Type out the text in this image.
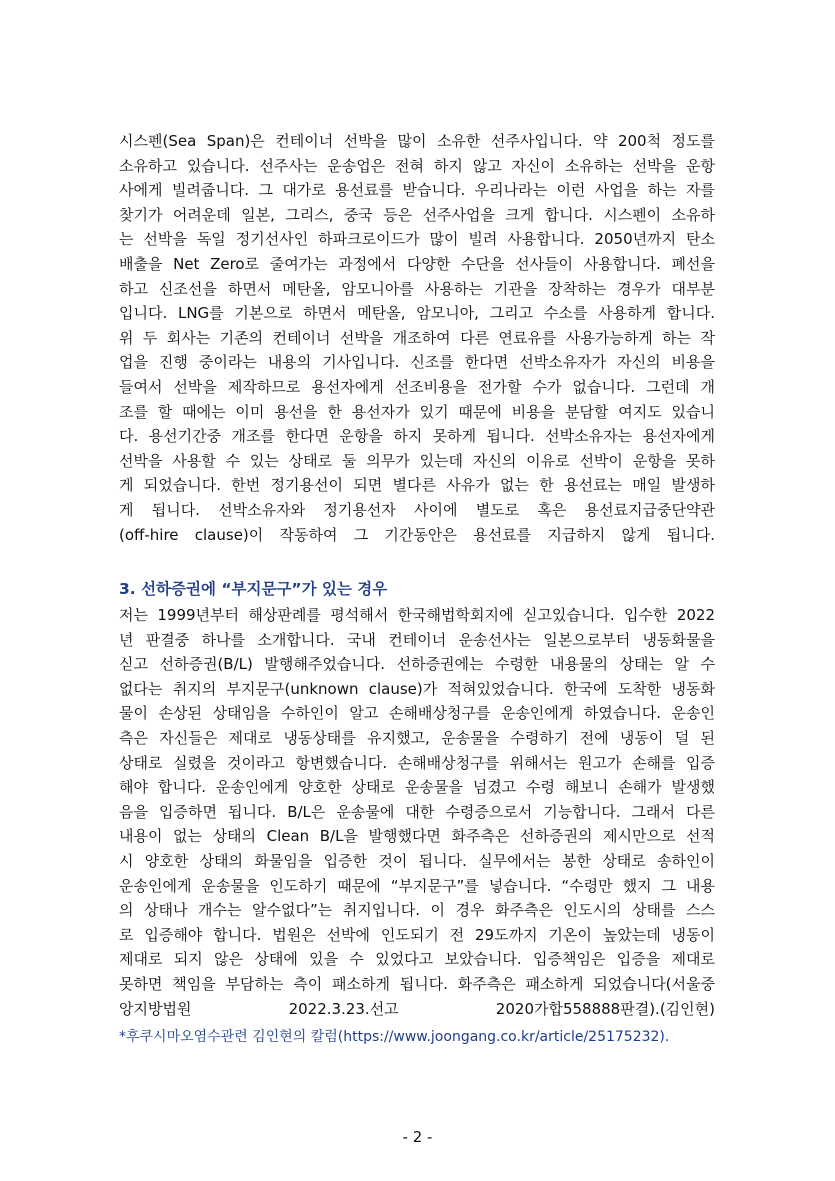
시스펜(Sea Span)은 컨테이너 선박을 많이 소유한 선주사입니다. 약 200척 정도를
소유하고 있습니다. 선주사는 운송업은 전혀 하지 않고 자신이 소유하는 선박을 운항
사에게 빌려줍니다. 그 대가로 용선료를 받습니다. 우리나라는 이런 사업을 하는 자를
찾기가 어려운데 일본, 그리스, 중국 등은 선주사업을 크게 합니다. 시스펜이 소유하
는 선박을 독일 정기선사인 하파크로이드가 많이 빌려 사용합니다. 2050년까지 탄소
배출을 Net Zero로 줄여가는 과정에서 다양한 수단을 선사들이 사용합니다. 폐선을
하고 신조선을 하면서 메탄올, 암모니아를 사용하는 기관을 장착하는 경우가 대부분
입니다. LNG를 기본으로 하면서 메탄올, 암모니아, 그리고 수소를 사용하게 합니다.
위 두 회사는 기존의 컨테이너 선박을 개조하여 다른 연료유를 사용가능하게 하는 작
업을 진행 중이라는 내용의 기사입니다. 신조를 한다면 선박소유자가 자신의 비용을
들여서 선박을 제작하므로 용선자에게 선조비용을 전가할 수가 없습니다. 그런데 개
조를 할 때에는 이미 용선을 한 용선자가 있기 때문에 비용을 분담할 여지도 있습니
다. 용선기간중 개조를 한다면 운항을 하지 못하게 됩니다. 선박소유자는 용선자에게
선박을 사용할 수 있는 상태로 둘 의무가 있는데 자신의 이유로 선박이 운항을 못하
게 되었습니다. 한번 정기용선이 되면 별다른 사유가 없는 한 용선료는 매일 발생하
게 됩니다. 선박소유자와 정기용선자 사이에 별도로 혹은 용선료지급중단약관
(off-hire clause)이 작동하여 그 기간동안은 용선료를 지급하지 않게 됩니다.
3. 선하증권에 “부지문구”가 있는 경우
저는 1999년부터 해상판례를 평석해서 한국해법학회지에 싣고있습니다. 입수한 2022
년 판결중 하나를 소개합니다. 국내 컨테이너 운송선사는 일본으로부터 냉동화물을
싣고 선하증권(B/L) 발행해주었습니다. 선하증권에는 수령한 내용물의 상태는 알 수
없다는 취지의 부지문구(unknown clause)가 적혀있었습니다. 한국에 도착한 냉동화
물이 손상된 상태임을 수하인이 알고 손해배상청구를 운송인에게 하였습니다. 운송인
측은 자신들은 제대로 냉동상태를 유지했고, 운송물을 수령하기 전에 냉동이 덜 된
상태로 실렸을 것이라고 항변했습니다. 손해배상청구를 위해서는 원고가 손해를 입증
해야 합니다. 운송인에게 양호한 상태로 운송물을 넘겼고 수령 해보니 손해가 발생했
음을 입증하면 됩니다. B/L은 운송물에 대한 수령증으로서 기능합니다. 그래서 다른
내용이 없는 상태의 Clean B/L을 발행했다면 화주측은 선하증권의 제시만으로 선적
시 양호한 상태의 화물임을 입증한 것이 됩니다. 실무에서는 봉한 상태로 송하인이
운송인에게 운송물을 인도하기 때문에 “부지문구”를 넣습니다. “수령만 했지 그 내용
의 상태나 개수는 알수없다”는 취지입니다. 이 경우 화주측은 인도시의 상태를 스스
로 입증해야 합니다. 법원은 선박에 인도되기 전 29도까지 기온이 높았는데 냉동이
제대로 되지 않은 상태에 있을 수 있었다고 보았습니다. 입증책임은 입증을 제대로
못하면 책임을 부담하는 측이 패소하게 됩니다. 화주측은 패소하게 되었습니다(서울중
앙지방법원 2022.3.23.선고 2020가합558888판결).(김인현)

*후쿠시마오염수관련 김인현의 칼럼(https://www.joongang.co.kr/article/25175232).

- 2 -
